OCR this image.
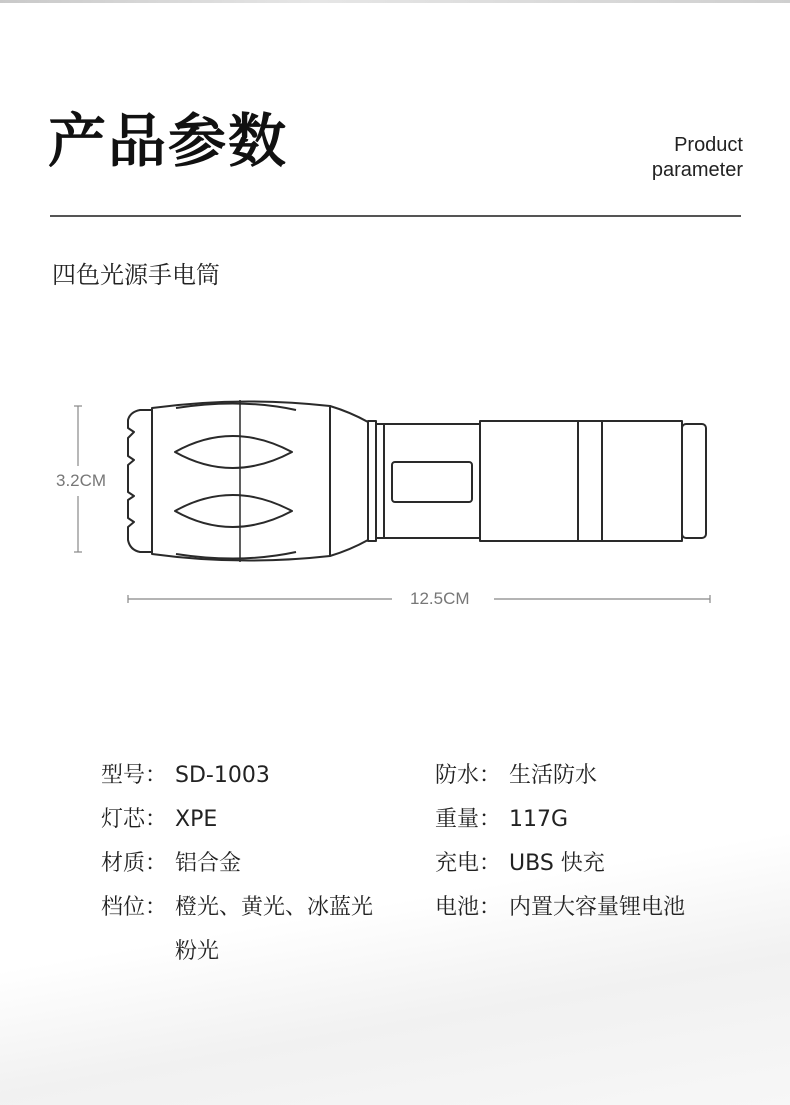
产品参数	Product
parameter
四色光源手电筒
3.2CM
12.5CM
型号： SD-1003
灯芯： XPE
材质： 铝合金
档位： 橙光、黄光、冰蓝光
粉光
防水： 生活防水
重量： 117G
充电： UBS 快充
电池： 内置大容量锂电池
